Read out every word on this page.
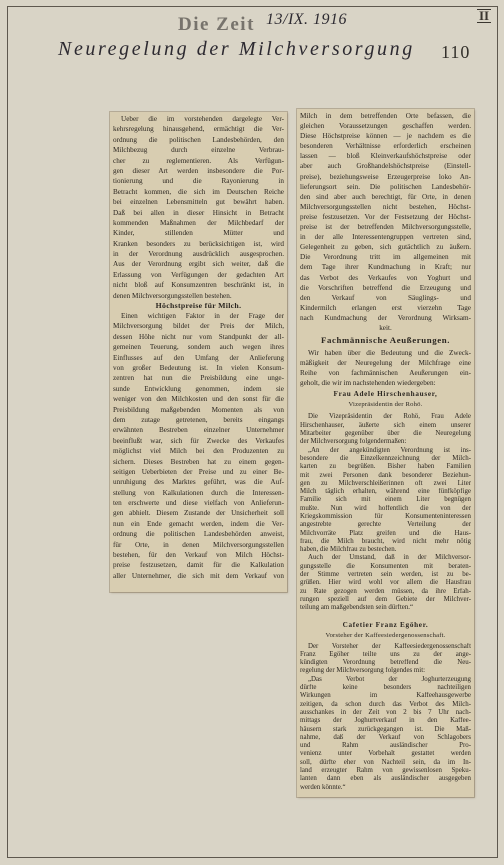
Die Zeit 13/IX. 1916	II
Neuregelung der Milchversorgung 110
Ueber die im vorstehenden dargelegte Ver-
kehrsregelung hinausgehend, ermächtigt die Ver-
ordnung die politischen Landesbehörden, den
Milchbezug durch einzelne Verbrau-
cher zu reglementieren. Als Verfügun-
gen dieser Art werden insbesondere die Por-
tionierung und die Rayonierung in
Betracht kommen, die sich im Deutschen Reiche
bei einzelnen Lebensmitteln gut bewährt haben.
Daß bei allen in dieser Hinsicht in Betracht
kommenden Maßnahmen der Milchbedarf der
Kinder, stillenden Mütter und
Kranken besonders zu berücksichtigen ist, wird
in der Verordnung ausdrücklich ausgesprochen.
Aus der Verordnung ergibt sich weiter, daß die
Erlassung von Verfügungen der gedachten Art
nicht bloß auf Konsumzentren beschränkt ist, in
denen Milchversorgungsstellen bestehen.
Höchstpreise für Milch.
Einen wichtigen Faktor in der Frage der
Milchversorgung bildet der Preis der Milch,
dessen Höhe nicht nur vom Standpunkt der all-
gemeinen Teuerung, sondern auch wegen ihres
Einflusses auf den Umfang der Anlieferung
von großer Bedeutung ist. In vielen Konsum-
zentren hat nun die Preisbildung eine unge-
sunde Entwicklung genommen, indem sie
weniger von den Milchkosten und den sonst für die
Preisbildung maßgebenden Momenten als von
dem zutage getretenen, bereits eingangs
erwähnten Bestreben einzelner Unternehmer
beeinflußt war, sich für Zwecke des Verkaufes
möglichst viel Milch bei den Produzenten zu
sichern. Dieses Bestreben hat zu einem gegen-
seitigen Ueberbieten der Preise und zu einer Be-
unruhigung des Marktes geführt, was die Auf-
stellung von Kalkulationen durch die Interessen-
ten erschwerte und diese vielfach von Anlieferun-
gen abhielt. Diesem Zustande der Unsicherheit soll
nun ein Ende gemacht werden, indem die Ver-
ordnung die politischen Landesbehörden anweist,
für Orte, in denen Milchversorgungsstellen
bestehen, für den Verkauf von Milch Höchst-
preise festzusetzen, damit für die Kalkulation
aller Unternehmer, die sich mit dem Verkauf von
Milch in dem betreffenden Orte befassen, die
gleichen Voraussetzungen geschaffen werden.
Diese Höchstpreise können — je nachdem es die
besonderen Verhältnisse erforderlich erscheinen
lassen — bloß Kleinverkaufshöchstpreise oder
aber auch Großhandelshöchstpreise (Einstell-
preise), beziehungsweise Erzeugerpreise loko An-
lieferungsort sein. Die politischen Landesbehör-
den sind aber auch berechtigt, für Orte, in denen
Milchversorgungsstellen nicht bestehen, Höchst-
preise festzusetzen. Vor der Festsetzung der Höchst-
preise ist der betreffenden Milchversorgungsstelle,
in der alle Interessentengruppen vertreten sind,
Gelegenheit zu geben, sich gutächtlich zu äußern.
Die Verordnung tritt im allgemeinen mit
dem Tage ihrer Kundmachung in Kraft; nur
das Verbot des Verkaufes von Yoghurt und
die Vorschriften betreffend die Erzeugung und
den Verkauf von Säuglings- und
Kindermilch erlangen erst vierzehn Tage
nach Kundmachung der Verordnung Wirksam-
keit.
Fachmännische Aeußerungen.
Wir haben über die Bedeutung und die Zweck-
mäßigkeit der Neuregelung der Milchfrage eine
Reihe von fachmännischen Aeußerungen ein-
geholt, die wir im nachstehenden wiedergeben:
Frau Adele Hirschenhauser,
Vizepräsidentin der Rohö.
Die Vizepräsidentin der Rohö, Frau Adele
Hirschenhauser, äußerte sich einem unserer
Mitarbeiter gegenüber über die Neuregelung
der Milchversorgung folgendermaßen:
„An der angekündigten Verordnung ist ins-
besondere die Einzelkennzeichnung der Milch-
karten zu begrüßen. Bisher haben Familien
mit zwei Personen dank besonderer Beziehun-
gen zu Milchverschleißerinnen oft zwei Liter
Milch täglich erhalten, während eine fünfköpfige
Familie sich mit einem Liter begnügen
mußte. Nun wird hoffentlich die von der
Kriegskommission für Konsumenteninteressen
angestrebte gerechte Verteilung der
Milchvorräte Platz greifen und die Haus-
frau, die Milch braucht, wird nicht mehr nötig
haben, die Milchfrau zu bestechen.
Auch der Umstand, daß in der Milchversor-
gungsstelle die Konsumenten mit beraten-
der Stimme vertreten sein werden, ist zu be-
grüßen. Hier wird wohl vor allem die Hausfrau
zu Rate gezogen werden müssen, da ihre Erfah-
rungen speziell auf dem Gebiete der Milchver-
teilung am maßgebendsten sein dürften.“
Cafetier Franz Egöher.
Vorsteher der Kaffeesiedergenossenschaft.
Der Vorsteher der Kaffeesiedergenossenschaft
Franz Egöher teilte uns zu der ange-
kündigten Verordnung betreffend die Neu-
regelung der Milchversorgung folgendes mit:
„Das Verbot der Joghurterzeugung
dürfte keine besonders nachteiligen
Wirkungen im Kaffeehausgewerbe
zeitigen, da schon durch das Verbot des Milch-
ausschankes in der Zeit von 2 bis 7 Uhr nach-
mittags der Joghurtverkauf in den Kaffee-
häusern stark zurückgegangen ist. Die Maß-
nahme, daß der Verkauf von Schlagobers
und Rahm ausländischer Pro-
venienz unter Vorbehalt gestattet werden
soll, dürfte eher von Nachteil sein, da im In-
land erzeugter Rahm von gewissenlosen Speku-
lanten dann eben als ausländischer ausgegeben
werden könnte.“
